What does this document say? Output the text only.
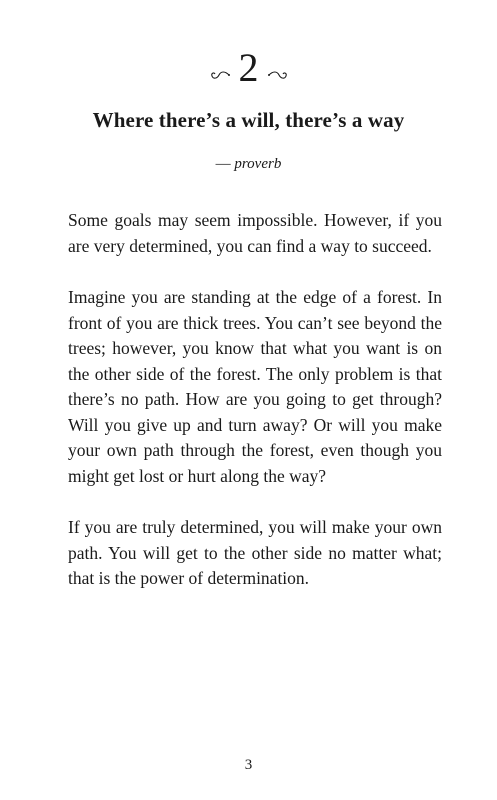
2
Where there’s a will, there’s a way
— proverb

Some goals may seem impossible. However, if you are very determined, you can find a way to succeed.

Imagine you are standing at the edge of a forest. In front of you are thick trees. You can’t see beyond the trees; however, you know that what you want is on the other side of the forest. The only problem is that there’s no path. How are you going to get through? Will you give up and turn away? Or will you make your own path through the forest, even though you might get lost or hurt along the way?

If you are truly determined, you will make your own path. You will get to the other side no matter what; that is the power of determination.

3
